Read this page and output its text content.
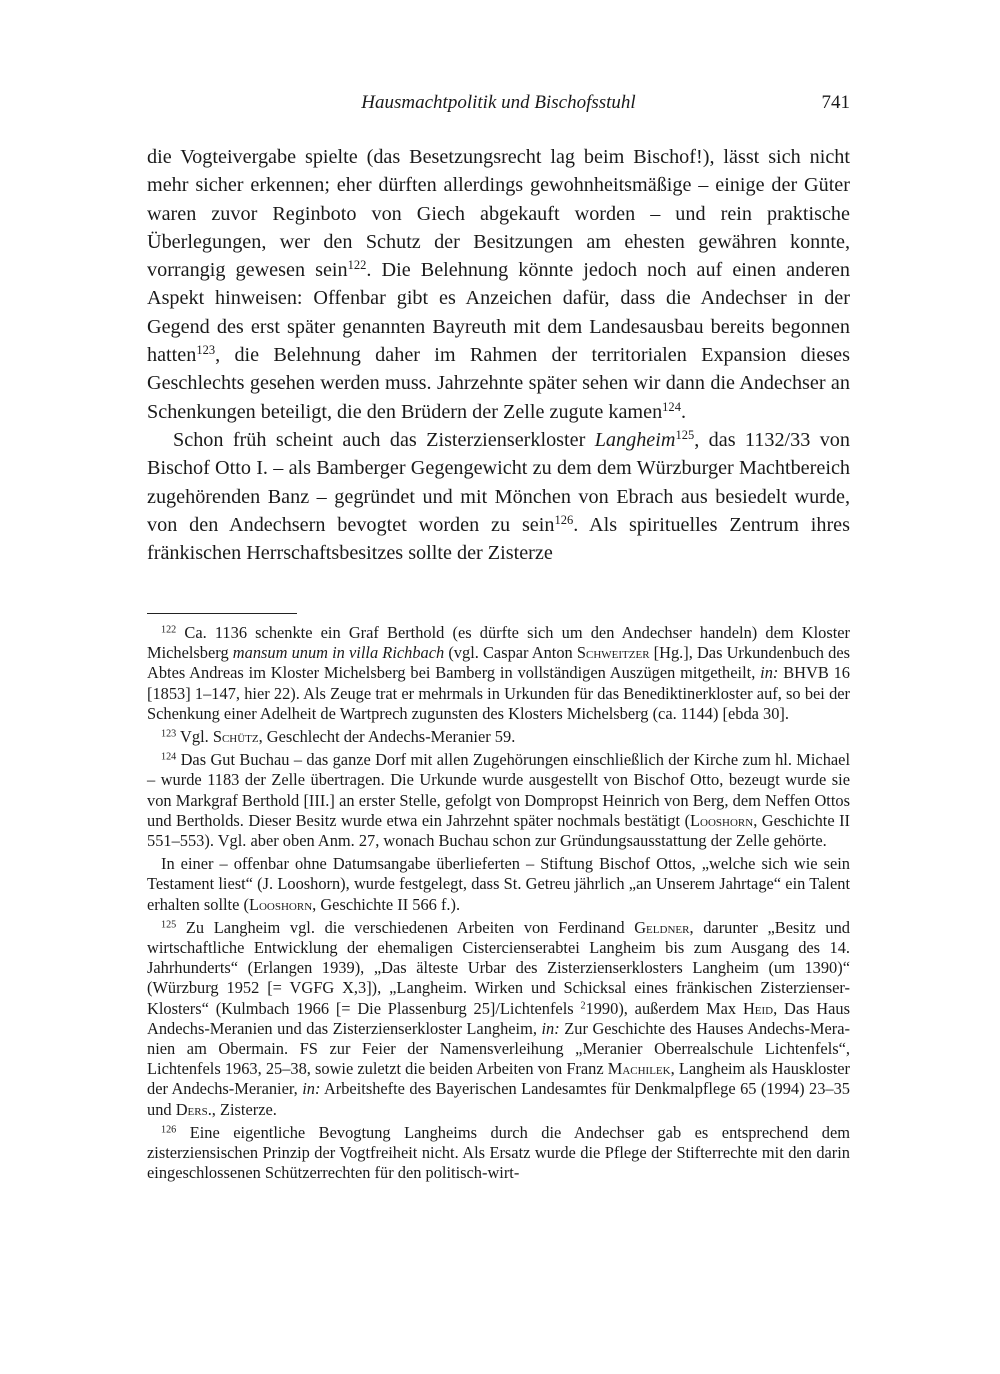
Hausmachtpolitik und Bischofsstuhl	741

die Vogteivergabe spielte (das Besetzungsrecht lag beim Bischof!), lässt sich nicht mehr sicher erkennen; eher dürften allerdings gewohnheitsmäßige – einige der Güter waren zuvor Reginboto von Giech abgekauft worden – und rein praktische Überlegungen, wer den Schutz der Besitzungen am ehesten gewähren konnte, vorrangig gewesen sein$^{122}$. Die Belehnung könnte jedoch noch auf einen anderen Aspekt hinweisen: Offenbar gibt es Anzeichen dafür, dass die Andechser in der Gegend des erst später genannten Bayreuth mit dem Landesausbau bereits begonnen hatten$^{123}$, die Belehnung daher im Rahmen der territorialen Expansion dieses Geschlechts gesehen werden muss. Jahrzehnte später sehen wir dann die Andechser an Schenkungen beteiligt, die den Brüdern der Zelle zugute kamen$^{124}$.

Schon früh scheint auch das Zisterzienserkloster Langheim$^{125}$, das 1132/33 von Bischof Otto I. – als Bamberger Gegengewicht zu dem dem Würzburger Machtbereich zugehörenden Banz – gegründet und mit Mönchen von Ebrach aus besiedelt wurde, von den Andechsern bevogtet worden zu sein$^{126}$. Als spirituelles Zentrum ihres fränkischen Herrschaftsbesitzes sollte der Zisterze

$^{122}$ Ca. 1136 schenkte ein Graf Berthold (es dürfte sich um den Andechser handeln) dem Kloster Michelsberg mansum unum in villa Richbach (vgl. Caspar Anton Schweitzer [Hg.], Das Urkundenbuch des Abtes Andreas im Kloster Michelsberg bei Bamberg in vollständigen Auszügen mitgetheilt, in: BHVB 16 [1853] 1–147, hier 22). Als Zeuge trat er mehrmals in Urkunden für das Benediktinerkloster auf, so bei der Schenkung einer Adelheit de Wartprech zugunsten des Klosters Michelsberg (ca. 1144) [ebda 30].

$^{123}$ Vgl. Schütz, Geschlecht der Andechs-Meranier 59.

$^{124}$ Das Gut Buchau – das ganze Dorf mit allen Zugehörungen einschließlich der Kirche zum hl. Michael – wurde 1183 der Zelle übertragen. Die Urkunde wurde ausgestellt von Bischof Otto, bezeugt wurde sie von Markgraf Berthold [III.] an erster Stelle, gefolgt von Dompropst Heinrich von Berg, dem Neffen Ottos und Bertholds. Dieser Besitz wurde etwa ein Jahrzehnt später nochmals bestätigt (Looshorn, Geschichte II 551–553). Vgl. aber oben Anm. 27, wonach Buchau schon zur Gründungsausstattung der Zelle gehörte.

In einer – offenbar ohne Datumsangabe überlieferten – Stiftung Bischof Ottos, „welche sich wie sein Testament liest“ (J. Looshorn), wurde festgelegt, dass St. Getreu jährlich „an Unserem Jahrtage“ ein Talent erhalten sollte (Looshorn, Geschichte II 566 f.).

$^{125}$ Zu Langheim vgl. die verschiedenen Arbeiten von Ferdinand Geldner, darunter „Besitz und wirtschaftliche Entwicklung der ehemaligen Cistercienserabtei Langheim bis zum Ausgang des 14. Jahrhunderts“ (Erlangen 1939), „Das älteste Urbar des Zisterzienserklosters Langheim (um 1390)“ (Würzburg 1952 [= VGFG X,3]), „Langheim. Wirken und Schicksal eines fränkischen Zisterzienser-Klosters“ (Kulmbach 1966 [= Die Plassenburg 25]/Lichtenfels $^2$1990), außerdem Max Heid, Das Haus Andechs-Meranien und das Zisterzienserkloster Langheim, in: Zur Geschichte des Hauses Andechs-Meranien am Obermain. FS zur Feier der Namensverleihung „Meranier Oberrealschule Lichtenfels“, Lichtenfels 1963, 25–38, sowie zuletzt die beiden Arbeiten von Franz Machilek, Langheim als Hauskloster der Andechs-Meranier, in: Arbeitshefte des Bayerischen Landesamtes für Denkmalpflege 65 (1994) 23–35 und Ders., Zisterze.

$^{126}$ Eine eigentliche Bevogtung Langheims durch die Andechser gab es entsprechend dem zisterziensischen Prinzip der Vogtfreiheit nicht. Als Ersatz wurde die Pflege der Stifterrechte mit den darin eingeschlossenen Schützerrechten für den politisch-wirt-
